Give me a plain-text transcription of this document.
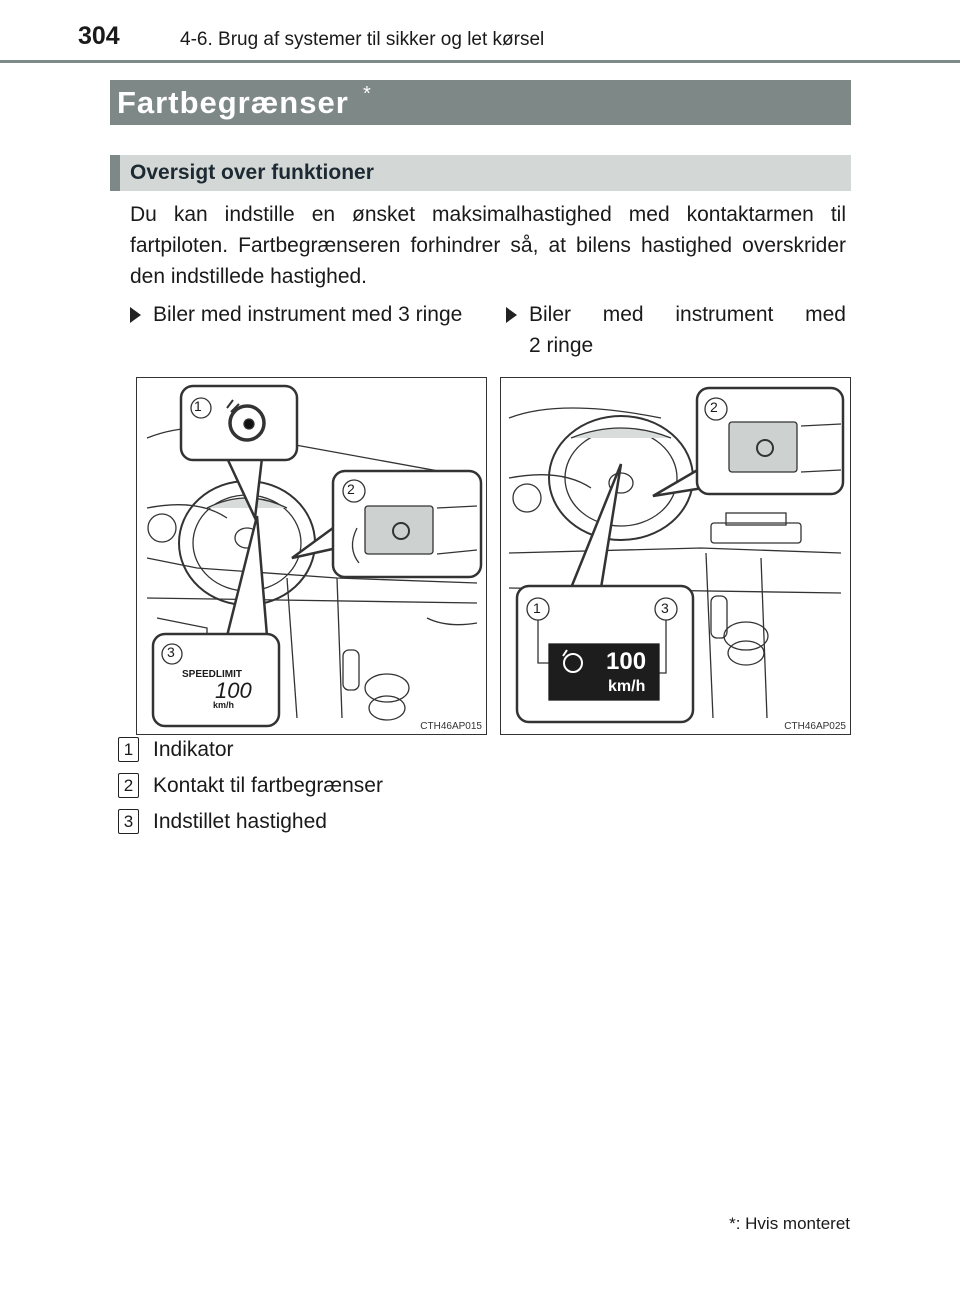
304	4-6. Brug af systemer til sikker og let kørsel
Fartbegrænser *
Oversigt over funktioner

Du kan indstille en ønsket maksimalhastighed med kontaktarmen til fartpiloten. Fartbegrænseren forhindrer så, at bilens hastighed overskrider den indstillede hastighed.

Biler med instrument med 3 ringe	Biler med instrument med
2 ringe
1
2
3
SPEEDLIMIT
100
km/h
CTH46AP015
2
1	3
100
km/h
CTH46AP025
1 Indikator
2 Kontakt til fartbegrænser
3 Indstillet hastighed
*: Hvis monteret
